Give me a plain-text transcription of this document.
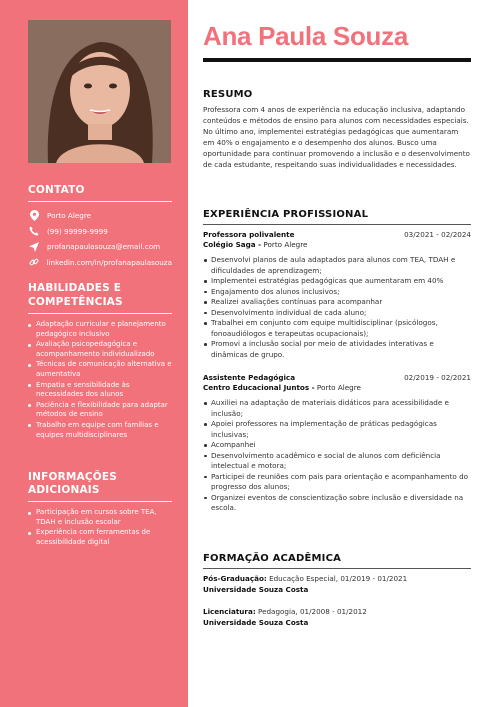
CONTATO
Porto Alegre
(99) 99999-9999
profanapaulasouza@email.com
linkedin.com/in/profanapaulasouza
HABILIDADES E COMPETÊNCIAS
Adaptação curricular e planejamento pedagógico inclusivo
Avaliação psicopedagógica e acompanhamento individualizado
Técnicas de comunicação alternativa e aumentativa
Empatia e sensibilidade às necessidades dos alunos
Paciência e flexibilidade para adaptar métodos de ensino
Trabalho em equipe com famílias e equipes multidisciplinares
INFORMAÇÕES ADICIONAIS
Participação em cursos sobre TEA, TDAH e inclusão escolar
Experiência com ferramentas de acessibilidade digital
Ana Paula Souza
RESUMO
Professora com 4 anos de experiência na educação inclusiva, adaptando conteúdos e métodos de ensino para alunos com necessidades especiais. No último ano, implementei estratégias pedagógicas que aumentaram em 40% o engajamento e o desempenho dos alunos. Busco uma oportunidade para continuar promovendo a inclusão e o desenvolvimento de cada estudante, respeitando suas individualidades e necessidades.
EXPERIÊNCIA PROFISSIONAL
Professora polivalente	03/2021 - 02/2024
Colégio Saga - Porto Alegre
Desenvolvi planos de aula adaptados para alunos com TEA, TDAH e dificuldades de aprendizagem;
Implementei estratégias pedagógicas que aumentaram em 40%
Engajamento dos alunos inclusivos;
Realizei avaliações contínuas para acompanhar
Desenvolvimento individual de cada aluno;
Trabalhei em conjunto com equipe multidisciplinar (psicólogos, fonoaudiólogos e terapeutas ocupacionais);
Promovi a inclusão social por meio de atividades interativas e dinâmicas de grupo.
Assistente Pedagógica	02/2019 - 02/2021
Centro Educacional Juntos - Porto Alegre
Auxiliei na adaptação de materiais didáticos para acessibilidade e inclusão;
Apoiei professores na implementação de práticas pedagógicas inclusivas;
Acompanhei
Desenvolvimento acadêmico e social de alunos com deficiência intelectual e motora;
Participei de reuniões com pais para orientação e acompanhamento do progresso dos alunos;
Organizei eventos de conscientização sobre inclusão e diversidade na escola.
FORMAÇÃO ACADÊMICA
Pós-Graduação: Educação Especial, 01/2019 - 01/2021
Universidade Souza Costa
Licenciatura: Pedagogia, 01/2008 - 01/2012
Universidade Souza Costa
